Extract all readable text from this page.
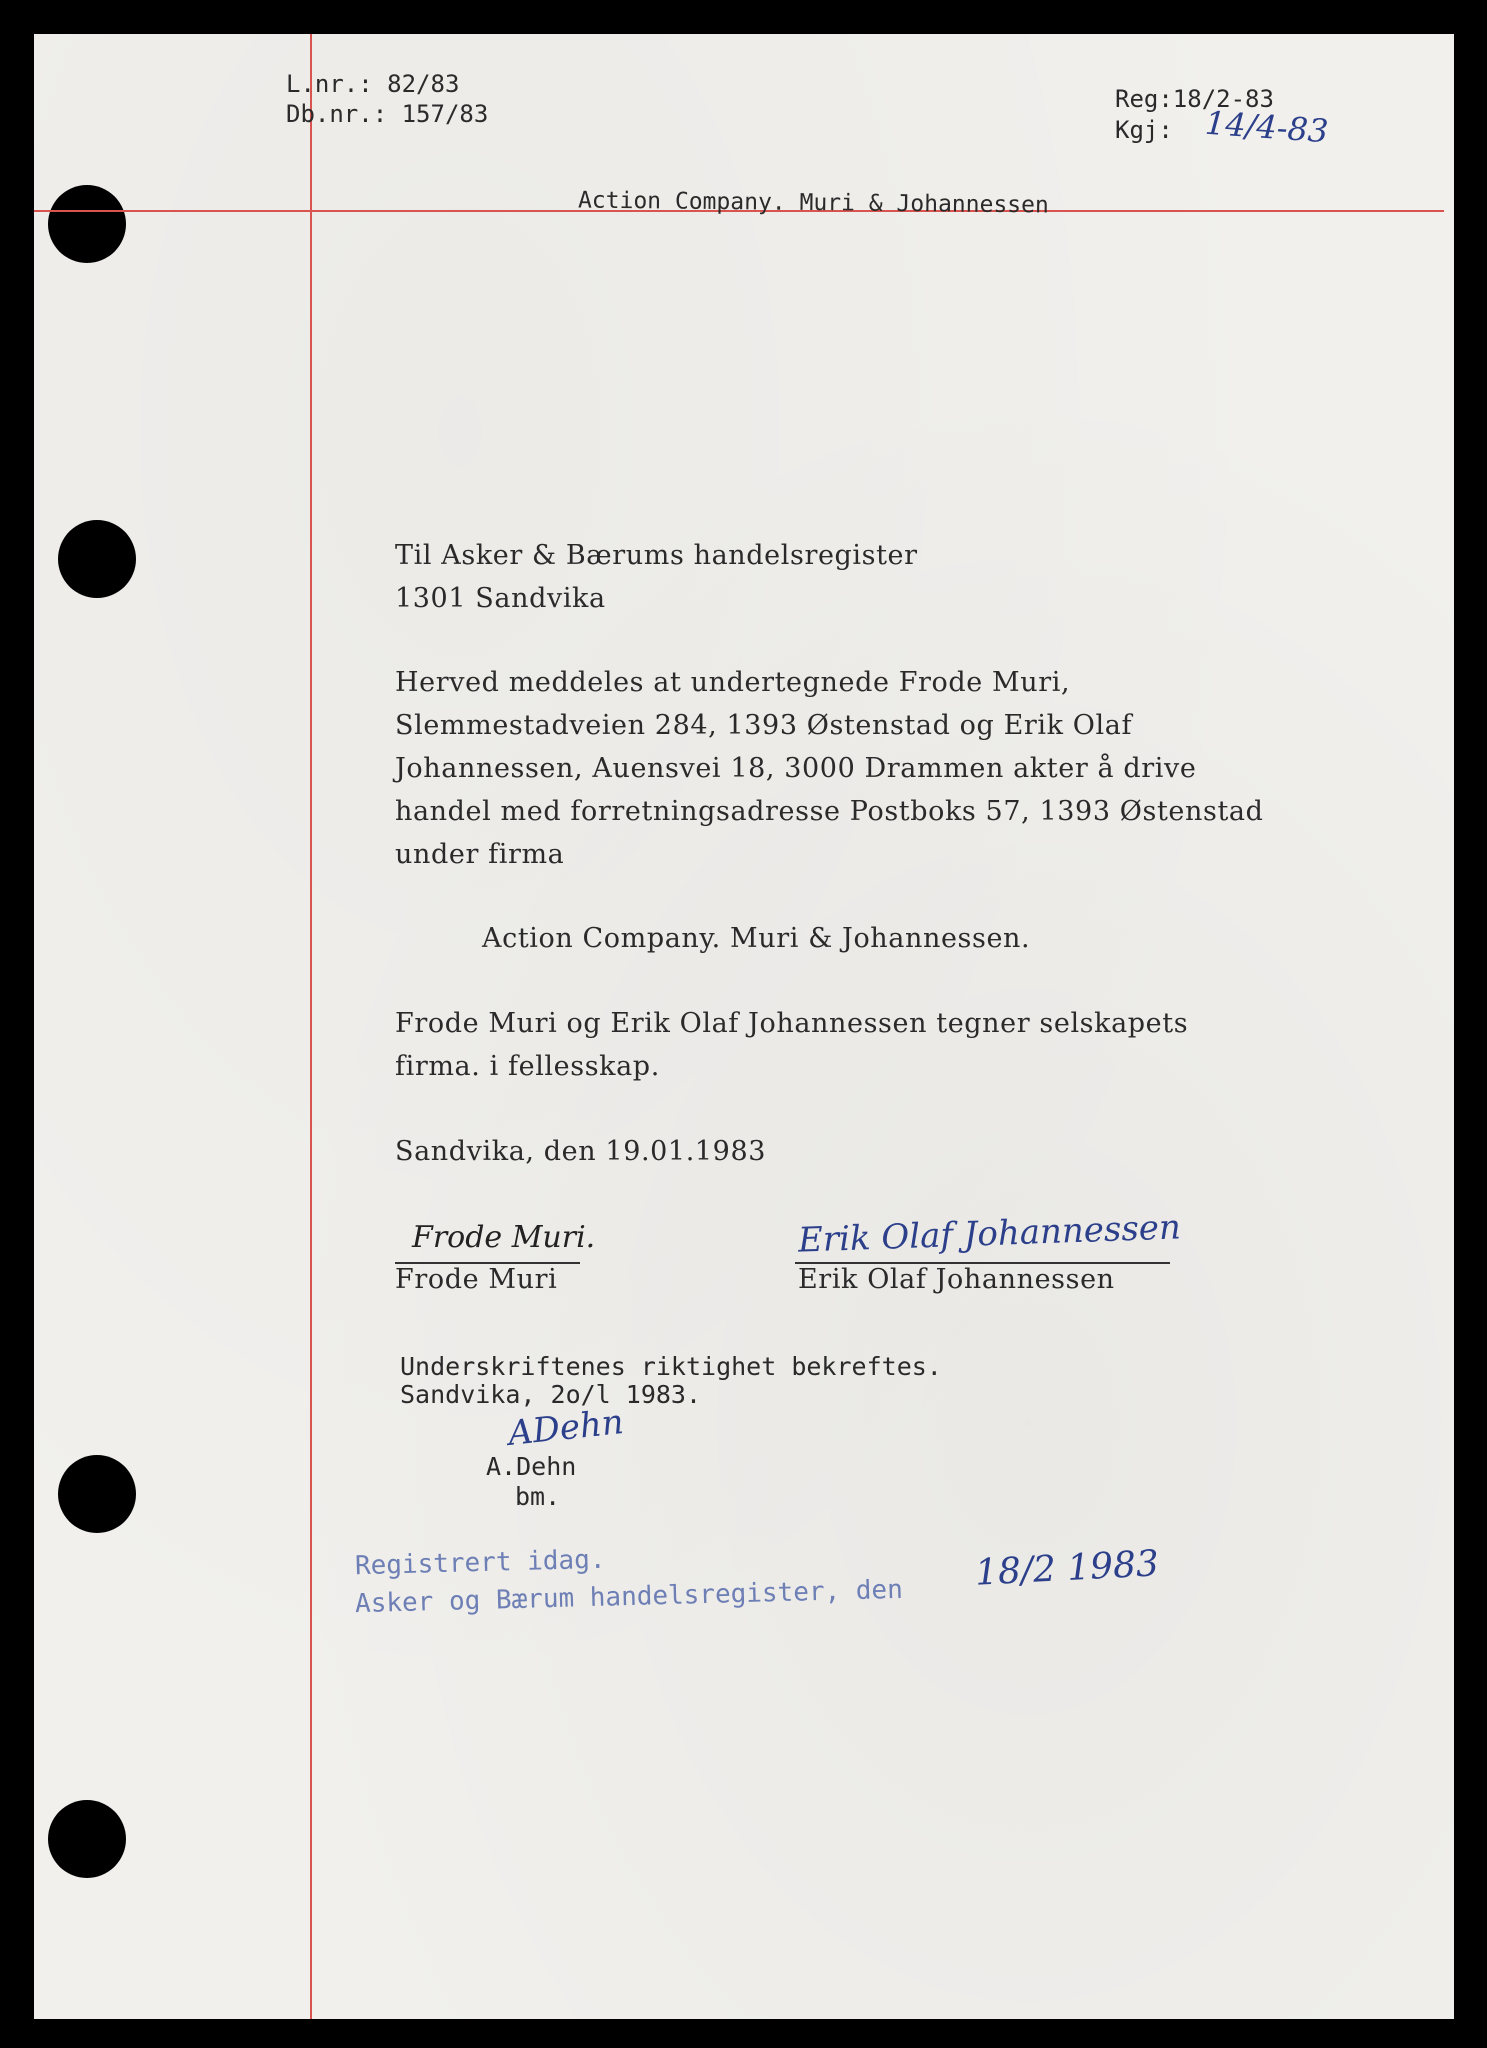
L.nr.: 82/83
Db.nr.: 157/83
Reg:18/2-83
Kgj: 14/4-83
Action Company. Muri & Johannessen
Til Asker & Bærums handelsregister
1301 Sandvika
Herved meddeles at undertegnede Frode Muri,
Slemmestadveien 284, 1393 Østenstad og Erik Olaf
Johannessen, Auensvei 18, 3000 Drammen akter å drive
handel med forretningsadresse Postboks 57, 1393 Østenstad
under firma
Action Company. Muri & Johannessen.
Frode Muri og Erik Olaf Johannessen tegner selskapets
firma. i fellesskap.
Sandvika, den 19.01.1983
Frode Muri.
Frode Muri
Erik Olaf Johannessen
Erik Olaf Johannessen
Underskriftenes riktighet bekreftes.
Sandvika, 2o/l 1983.
ADehn
A.Dehn
bm.
Registrert idag.
Asker og Bærum handelsregister, den
18/2 1983
